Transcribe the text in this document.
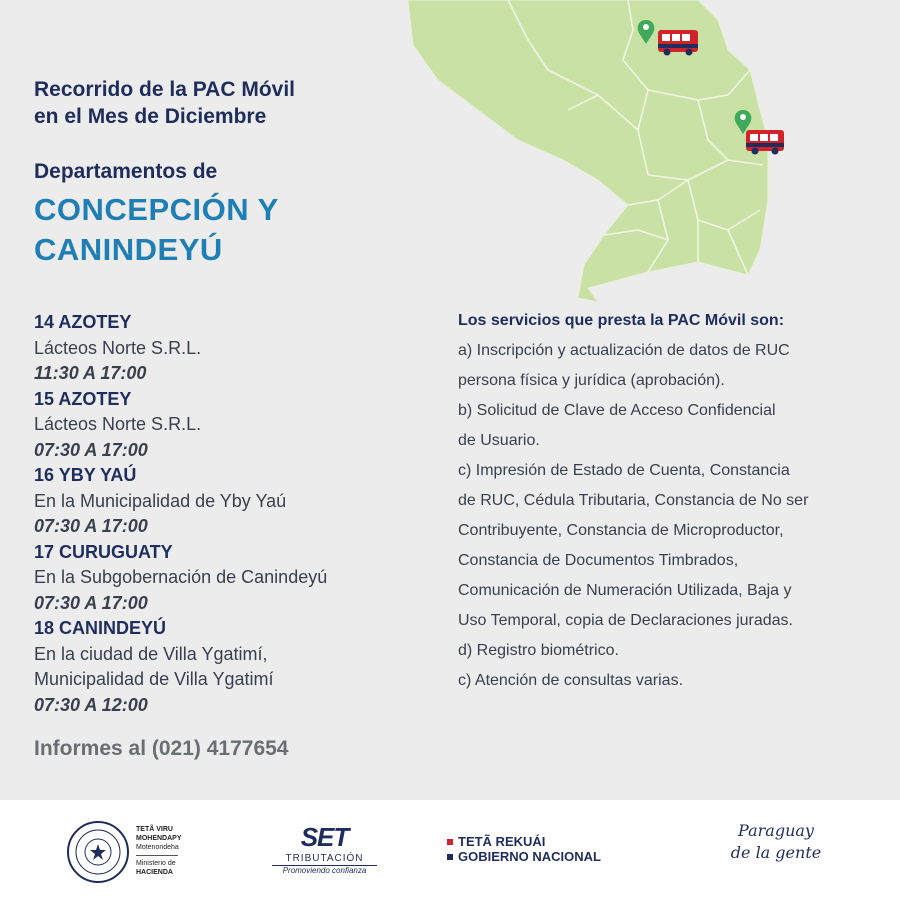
Recorrido de la PAC Móvil
en el Mes de Diciembre
Departamentos de
CONCEPCIÓN Y
CANINDEYÚ
14 AZOTEY
Lácteos Norte S.R.L.
11:30 A 17:00
15 AZOTEY
Lácteos Norte S.R.L.
07:30 A 17:00
16 YBY YAÚ
En la Municipalidad de Yby Yaú
07:30 A 17:00
17 CURUGUATY
En la Subgobernación de Canindeyú
07:30 A 17:00
18 CANINDEYÚ
En la ciudad de Villa Ygatimí,
Municipalidad de Villa Ygatimí
07:30 A 12:00
Informes al (021) 4177654
Los servicios que presta la PAC Móvil son:
a) Inscripción y actualización de datos de RUC
persona física y jurídica (aprobación).
b) Solicitud de Clave de Acceso Confidencial
de Usuario.
c) Impresión de Estado de Cuenta, Constancia
de RUC, Cédula Tributaria, Constancia de No ser
Contribuyente, Constancia de Microproductor,
Constancia de Documentos Timbrados,
Comunicación de Numeración Utilizada, Baja y
Uso Temporal, copia de Declaraciones juradas.
d) Registro biométrico.
c) Atención de consultas varias.
TETÃ VIRU
MOHENDAPY
Motenondeha
Ministerio de
HACIENDA
SET
TRIBUTACIÓN
Promoviendo confianza
TETÃ REKUÁI
GOBIERNO NACIONAL
Paraguay
de la gente
